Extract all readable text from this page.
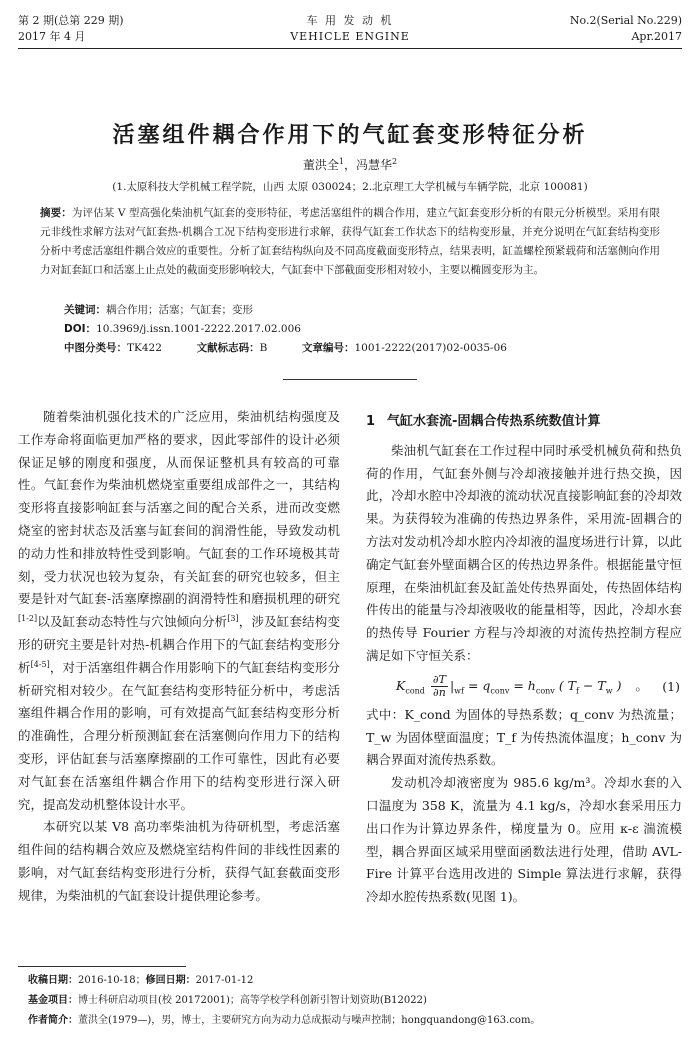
第 2 期(总第 229 期)
2017 年 4 月
车 用 发 动 机
VEHICLE ENGINE
No.2(Serial No.229)
Apr.2017
活塞组件耦合作用下的气缸套变形特征分析
董洪全$^1$，冯慧华$^2$
(1.太原科技大学机械工程学院，山西 太原 030024；2.北京理工大学机械与车辆学院，北京 100081)
摘要：为评估某 V 型高强化柴油机气缸套的变形特征，考虑活塞组件的耦合作用，建立气缸套变形分析的有限元分析模型。采用有限元非线性求解方法对气缸套热-机耦合工况下结构变形进行求解，获得气缸套工作状态下的结构变形量，并充分说明在气缸套结构变形分析中考虑活塞组件耦合效应的重要性。分析了缸套结构纵向及不同高度截面变形特点，结果表明，缸盖螺栓预紧载荷和活塞侧向作用力对缸套缸口和活塞上止点处的截面变形影响较大，气缸套中下部截面变形相对较小，主要以椭圆变形为主。
关键词：耦合作用；活塞；气缸套；变形
DOI：10.3969/j.issn.1001-2222.2017.02.006
中图分类号：TK422	文献标志码：B	文章编号：1001-2222(2017)02-0035-06

随着柴油机强化技术的广泛应用，柴油机结构强度及工作寿命将面临更加严格的要求，因此零部件的设计必须保证足够的刚度和强度，从而保证整机具有较高的可靠性。气缸套作为柴油机燃烧室重要组成部件之一，其结构变形将直接影响缸套与活塞之间的配合关系，进而改变燃烧室的密封状态及活塞与缸套间的润滑性能，导致发动机的动力性和排放特性受到影响。气缸套的工作环境极其苛刻，受力状况也较为复杂，有关缸套的研究也较多，但主要是针对气缸套-活塞摩擦副的润滑特性和磨损机理的研究[1-2]以及缸套动态特性与穴蚀倾向分析[3]，涉及缸套结构变形的研究主要是针对热-机耦合作用下的气缸套结构变形分析[4-5]，对于活塞组件耦合作用影响下的气缸套结构变形分析研究相对较少。在气缸套结构变形特征分析中，考虑活塞组件耦合作用的影响，可有效提高气缸套结构变形分析的准确性，合理分析预测缸套在活塞侧向作用力下的结构变形，评估缸套与活塞摩擦副的工作可靠性，因此有必要对气缸套在活塞组件耦合作用下的结构变形进行深入研究，提高发动机整体设计水平。

本研究以某 V8 高功率柴油机为待研机型，考虑活塞组件间的结构耦合效应及燃烧室结构件间的非线性因素的影响，对气缸套结构变形进行分析，获得气缸套截面变形规律，为柴油机的气缸套设计提供理论参考。

1 气缸水套流-固耦合传热系统数值计算

柴油机气缸套在工作过程中同时承受机械负荷和热负荷的作用，气缸套外侧与冷却液接触并进行热交换，因此，冷却水腔中冷却液的流动状况直接影响缸套的冷却效果。为获得较为准确的传热边界条件，采用流-固耦合的方法对发动机冷却水腔内冷却液的温度场进行计算，以此确定气缸套外壁面耦合区的传热边界条件。根据能量守恒原理，在柴油机缸套及缸盖处传热界面处，传热固体结构件传出的能量与冷却液吸收的能量相等，因此，冷却水套的热传导 Fourier 方程与冷却液的对流传热控制方程应满足如下守恒关系：

$K_{cond} \frac{\partial T}{\partial n} |_{wf} = q_{conv} = h_{conv}$ ( $T_f - T_w$ ) 。 (1)

式中：K_cond 为固体的导热系数；q_conv 为热流量；T_w 为固体壁面温度；T_f 为传热流体温度；h_conv 为耦合界面对流传热系数。

发动机冷却液密度为 985.6 kg/m³。冷却水套的入口温度为 358 K，流量为 4.1 kg/s，冷却水套采用压力出口作为计算边界条件，梯度量为 0。应用 κ-ε 湍流模型，耦合界面区域采用壁面函数法进行处理，借助 AVL-Fire 计算平台选用改进的 Simple 算法进行求解，获得冷却水腔传热系数(见图 1)。

收稿日期：2016-10-18；修回日期：2017-01-12
基金项目：博士科研启动项目(校 20172001)；高等学校学科创新引智计划资助(B12022)
作者简介：董洪全(1979—)，男，博士，主要研究方向为动力总成振动与噪声控制；hongquandong@163.com。
